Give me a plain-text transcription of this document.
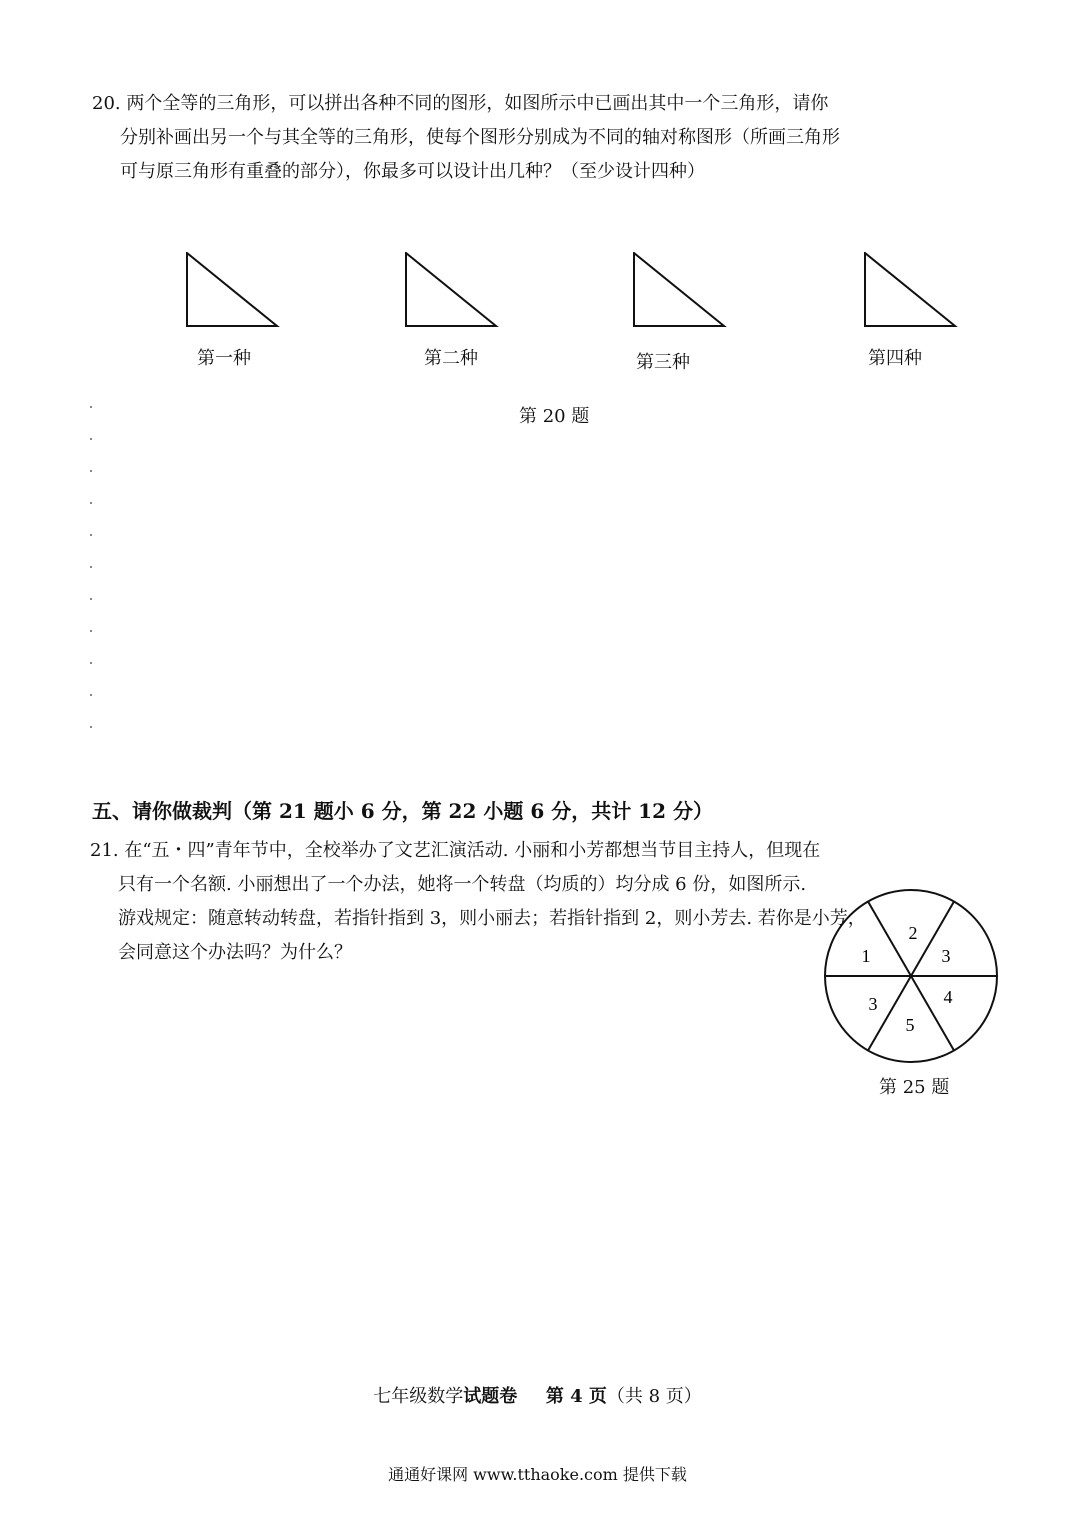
20. 两个全等的三角形，可以拼出各种不同的图形，如图所示中已画出其中一个三角形，请你
分别补画出另一个与其全等的三角形，使每个图形分别成为不同的轴对称图形（所画三角形
可与原三角形有重叠的部分），你最多可以设计出几种？（至少设计四种）
第一种	第二种	第三种	第四种
第 20 题
五、请你做裁判（第 21 题小 6 分，第 22 小题 6 分，共计 12 分）
21. 在“五・四”青年节中，全校举办了文艺汇演活动. 小丽和小芳都想当节目主持人，但现在
只有一个名额. 小丽想出了一个办法，她将一个转盘（均质的）均分成 6 份，如图所示.
游戏规定：随意转动转盘，若指针指到 3，则小丽去；若指针指到 2，则小芳去. 若你是小芳，
会同意这个办法吗？为什么？
2
3
4
5
3
1
第 25 题
七年级数学试题卷 第 4 页（共 8 页）
通通好课网 www.tthaoke.com 提供下载
